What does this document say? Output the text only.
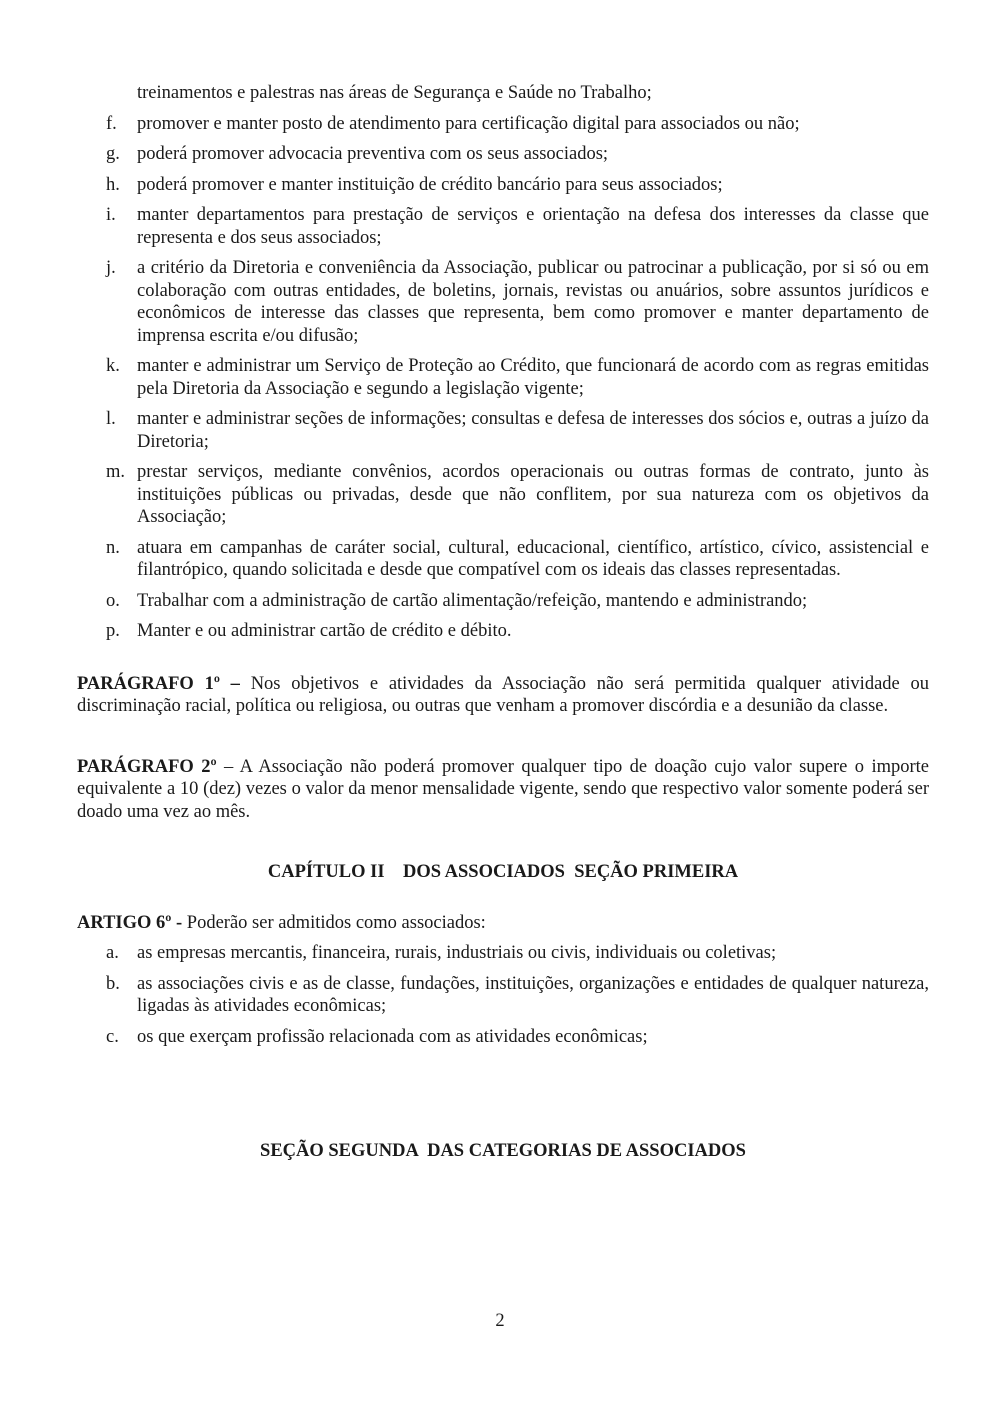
treinamentos e palestras nas áreas de Segurança e Saúde no Trabalho;
f.	promover e manter posto de atendimento para certificação digital para associados ou não;
g. poderá promover advocacia preventiva com os seus associados;
h. poderá promover e manter instituição de crédito bancário para seus associados;
i.	manter departamentos para prestação de serviços e orientação na defesa dos interesses da classe que representa e dos seus associados;
j.	a critério da Diretoria e conveniência da Associação, publicar ou patrocinar a publicação, por si só ou em colaboração com outras entidades, de boletins, jornais, revistas ou anuários, sobre assuntos jurídicos e econômicos de interesse das classes que representa, bem como promover e manter departamento de imprensa escrita e/ou difusão;
k. manter e administrar um Serviço de Proteção ao Crédito, que funcionará de acordo com as regras emitidas pela Diretoria da Associação e segundo a legislação vigente;
l.	manter e administrar seções de informações; consultas e defesa de interesses dos sócios e, outras a juízo da Diretoria;
m. prestar serviços, mediante convênios, acordos operacionais ou outras formas de contrato, junto às instituições públicas ou privadas, desde que não conflitem, por sua natureza com os objetivos da Associação;
n. atuara em campanhas de caráter social, cultural, educacional, científico, artístico, cívico, assistencial e filantrópico, quando solicitada e desde que compatível com os ideais das classes representadas.
o. Trabalhar com a administração de cartão alimentação/refeição, mantendo e administrando;
p. Manter e ou administrar cartão de crédito e débito.

PARÁGRAFO 1º – Nos objetivos e atividades da Associação não será permitida qualquer atividade ou discriminação racial, política ou religiosa, ou outras que venham a promover discórdia e a desunião da classe.

PARÁGRAFO 2º – A Associação não poderá promover qualquer tipo de doação cujo valor supere o importe equivalente a 10 (dez) vezes o valor da menor mensalidade vigente, sendo que respectivo valor somente poderá ser doado uma vez ao mês.

CAPÍTULO II    DOS ASSOCIADOS  SEÇÃO PRIMEIRA

ARTIGO 6º - Poderão ser admitidos como associados:

a. as empresas mercantis, financeira, rurais, industriais ou civis, individuais ou coletivas;
b. as associações civis e as de classe, fundações, instituições, organizações e entidades de qualquer natureza, ligadas às atividades econômicas;
c. os que exerçam profissão relacionada com as atividades econômicas;

SEÇÃO SEGUNDA  DAS CATEGORIAS DE ASSOCIADOS

2
